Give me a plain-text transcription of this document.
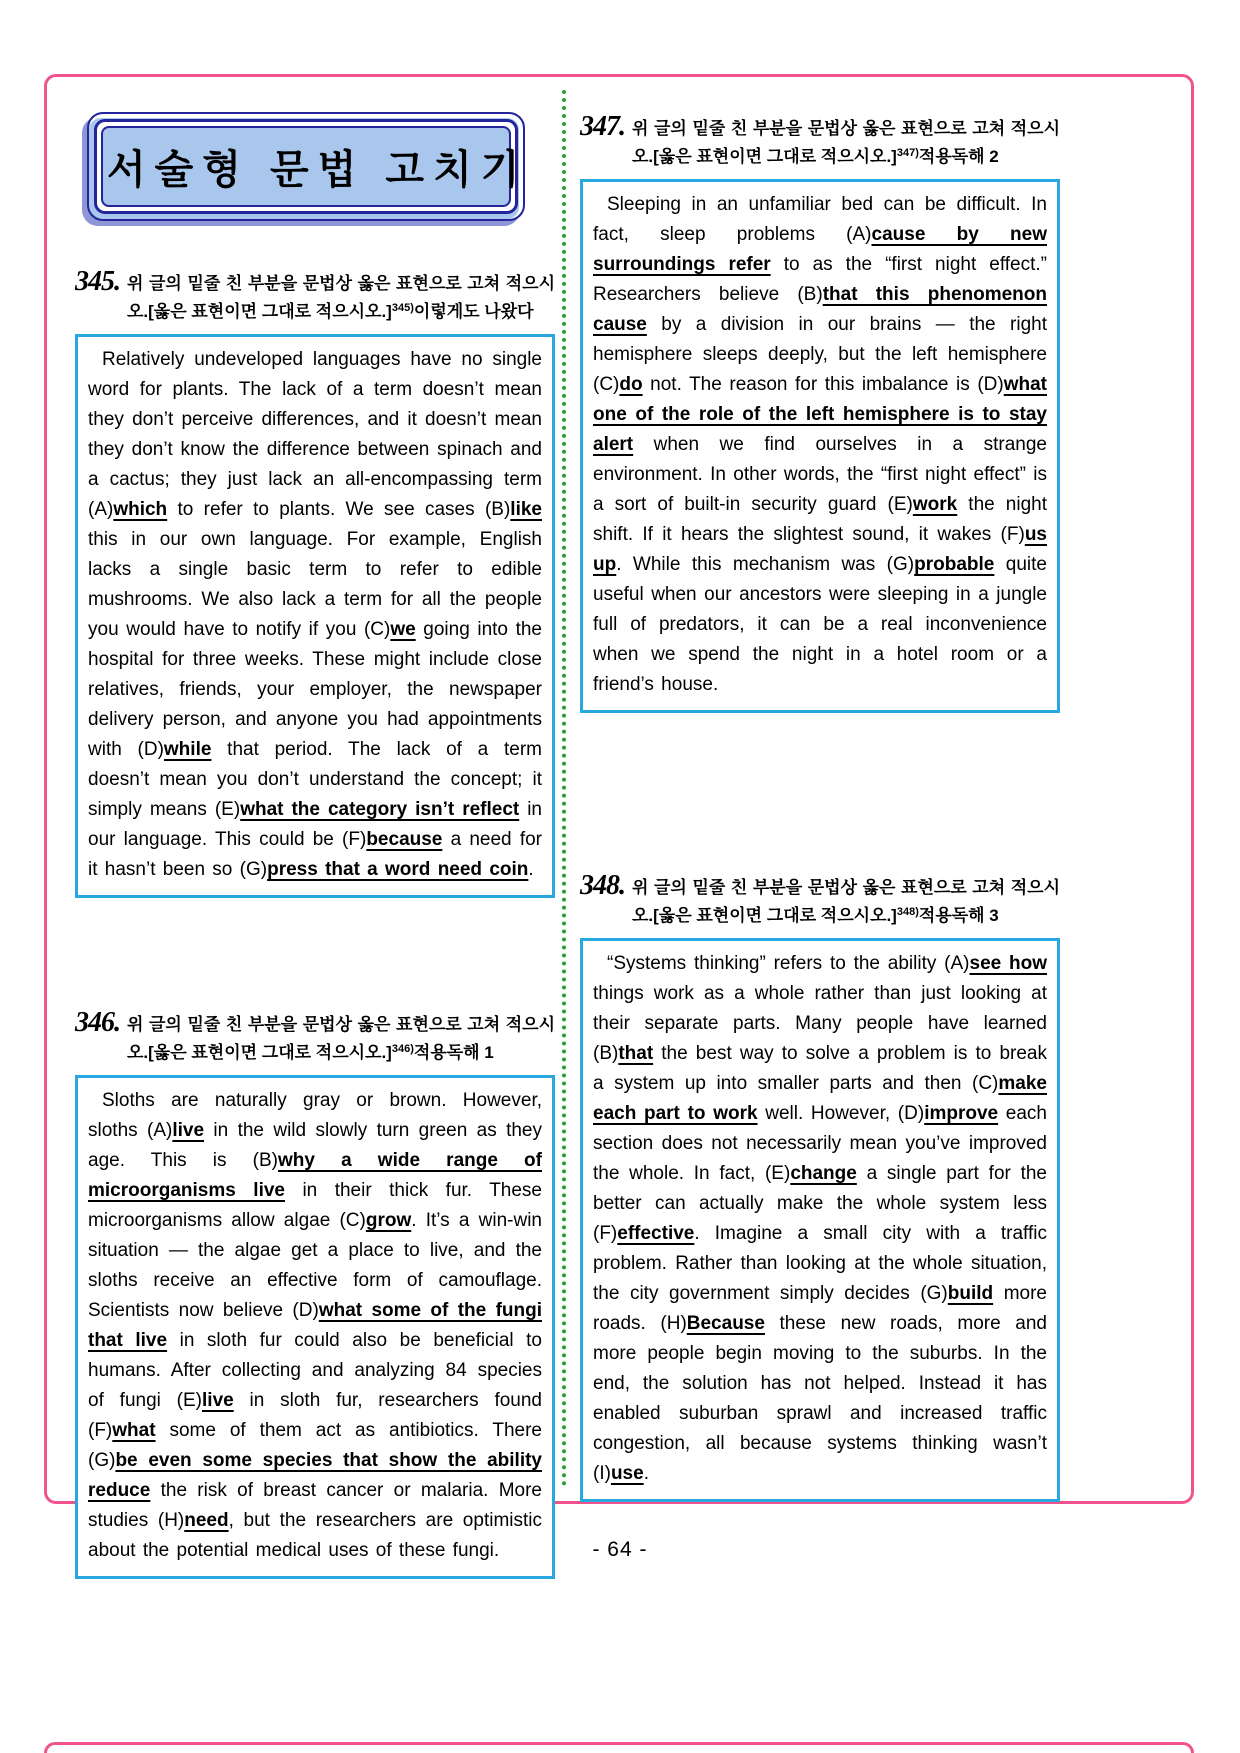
서술형 문법 고치기
345. 위 글의 밑줄 친 부분을 문법상 옳은 표현으로 고쳐 적으시오.[옳은 표현이면 그대로 적으시오.]$^{345)}$이렇게도 나왔다
Relatively undeveloped languages have no single word for plants. The lack of a term doesn’t mean they don’t perceive differences, and it doesn’t mean they don’t know the difference between spinach and a cactus; they just lack an all-encompassing term (A)which to refer to plants. We see cases (B)like this in our own language. For example, English lacks a single basic term to refer to edible mushrooms. We also lack a term for all the people you would have to notify if you (C)we going into the hospital for three weeks. These might include close relatives, friends, your employer, the newspaper delivery person, and anyone you had appointments with (D)while that period. The lack of a term doesn’t mean you don’t understand the concept; it simply means (E)what the category isn’t reflect in our language. This could be (F)because a need for it hasn’t been so (G)press that a word need coin.
346. 위 글의 밑줄 친 부분을 문법상 옳은 표현으로 고쳐 적으시오.[옳은 표현이면 그대로 적으시오.]$^{346)}$적용독해 1
Sloths are naturally gray or brown. However, sloths (A)live in the wild slowly turn green as they age. This is (B)why a wide range of microorganisms live in their thick fur. These microorganisms allow algae (C)grow. It’s a win-win situation — the algae get a place to live, and the sloths receive an effective form of camouflage. Scientists now believe (D)what some of the fungi that live in sloth fur could also be beneficial to humans. After collecting and analyzing 84 species of fungi (E)live in sloth fur, researchers found (F)what some of them act as antibiotics. There (G)be even some species that show the ability reduce the risk of breast cancer or malaria. More studies (H)need, but the researchers are optimistic about the potential medical uses of these fungi.
347. 위 글의 밑줄 친 부분을 문법상 옳은 표현으로 고쳐 적으시오.[옳은 표현이면 그대로 적으시오.]$^{347)}$적용독해 2
Sleeping in an unfamiliar bed can be difficult. In fact, sleep problems (A)cause by new surroundings refer to as the “first night effect.” Researchers believe (B)that this phenomenon cause by a division in our brains — the right hemisphere sleeps deeply, but the left hemisphere (C)do not. The reason for this imbalance is (D)what one of the role of the left hemisphere is to stay alert when we find ourselves in a strange environment. In other words, the “first night effect” is a sort of built-in security guard (E)work the night shift. If it hears the slightest sound, it wakes (F)us up. While this mechanism was (G)probable quite useful when our ancestors were sleeping in a jungle full of predators, it can be a real inconvenience when we spend the night in a hotel room or a friend’s house.
348. 위 글의 밑줄 친 부분을 문법상 옳은 표현으로 고쳐 적으시오.[옳은 표현이면 그대로 적으시오.]$^{348)}$적용독해 3
“Systems thinking” refers to the ability (A)see how things work as a whole rather than just looking at their separate parts. Many people have learned (B)that the best way to solve a problem is to break a system up into smaller parts and then (C)make each part to work well. However, (D)improve each section does not necessarily mean you’ve improved the whole. In fact, (E)change a single part for the better can actually make the whole system less (F)effective. Imagine a small city with a traffic problem. Rather than looking at the whole situation, the city government simply decides (G)build more roads. (H)Because these new roads, more and more people begin moving to the suburbs. In the end, the solution has not helped. Instead it has enabled suburban sprawl and increased traffic congestion, all because systems thinking wasn’t (I)use.
- 64 -
